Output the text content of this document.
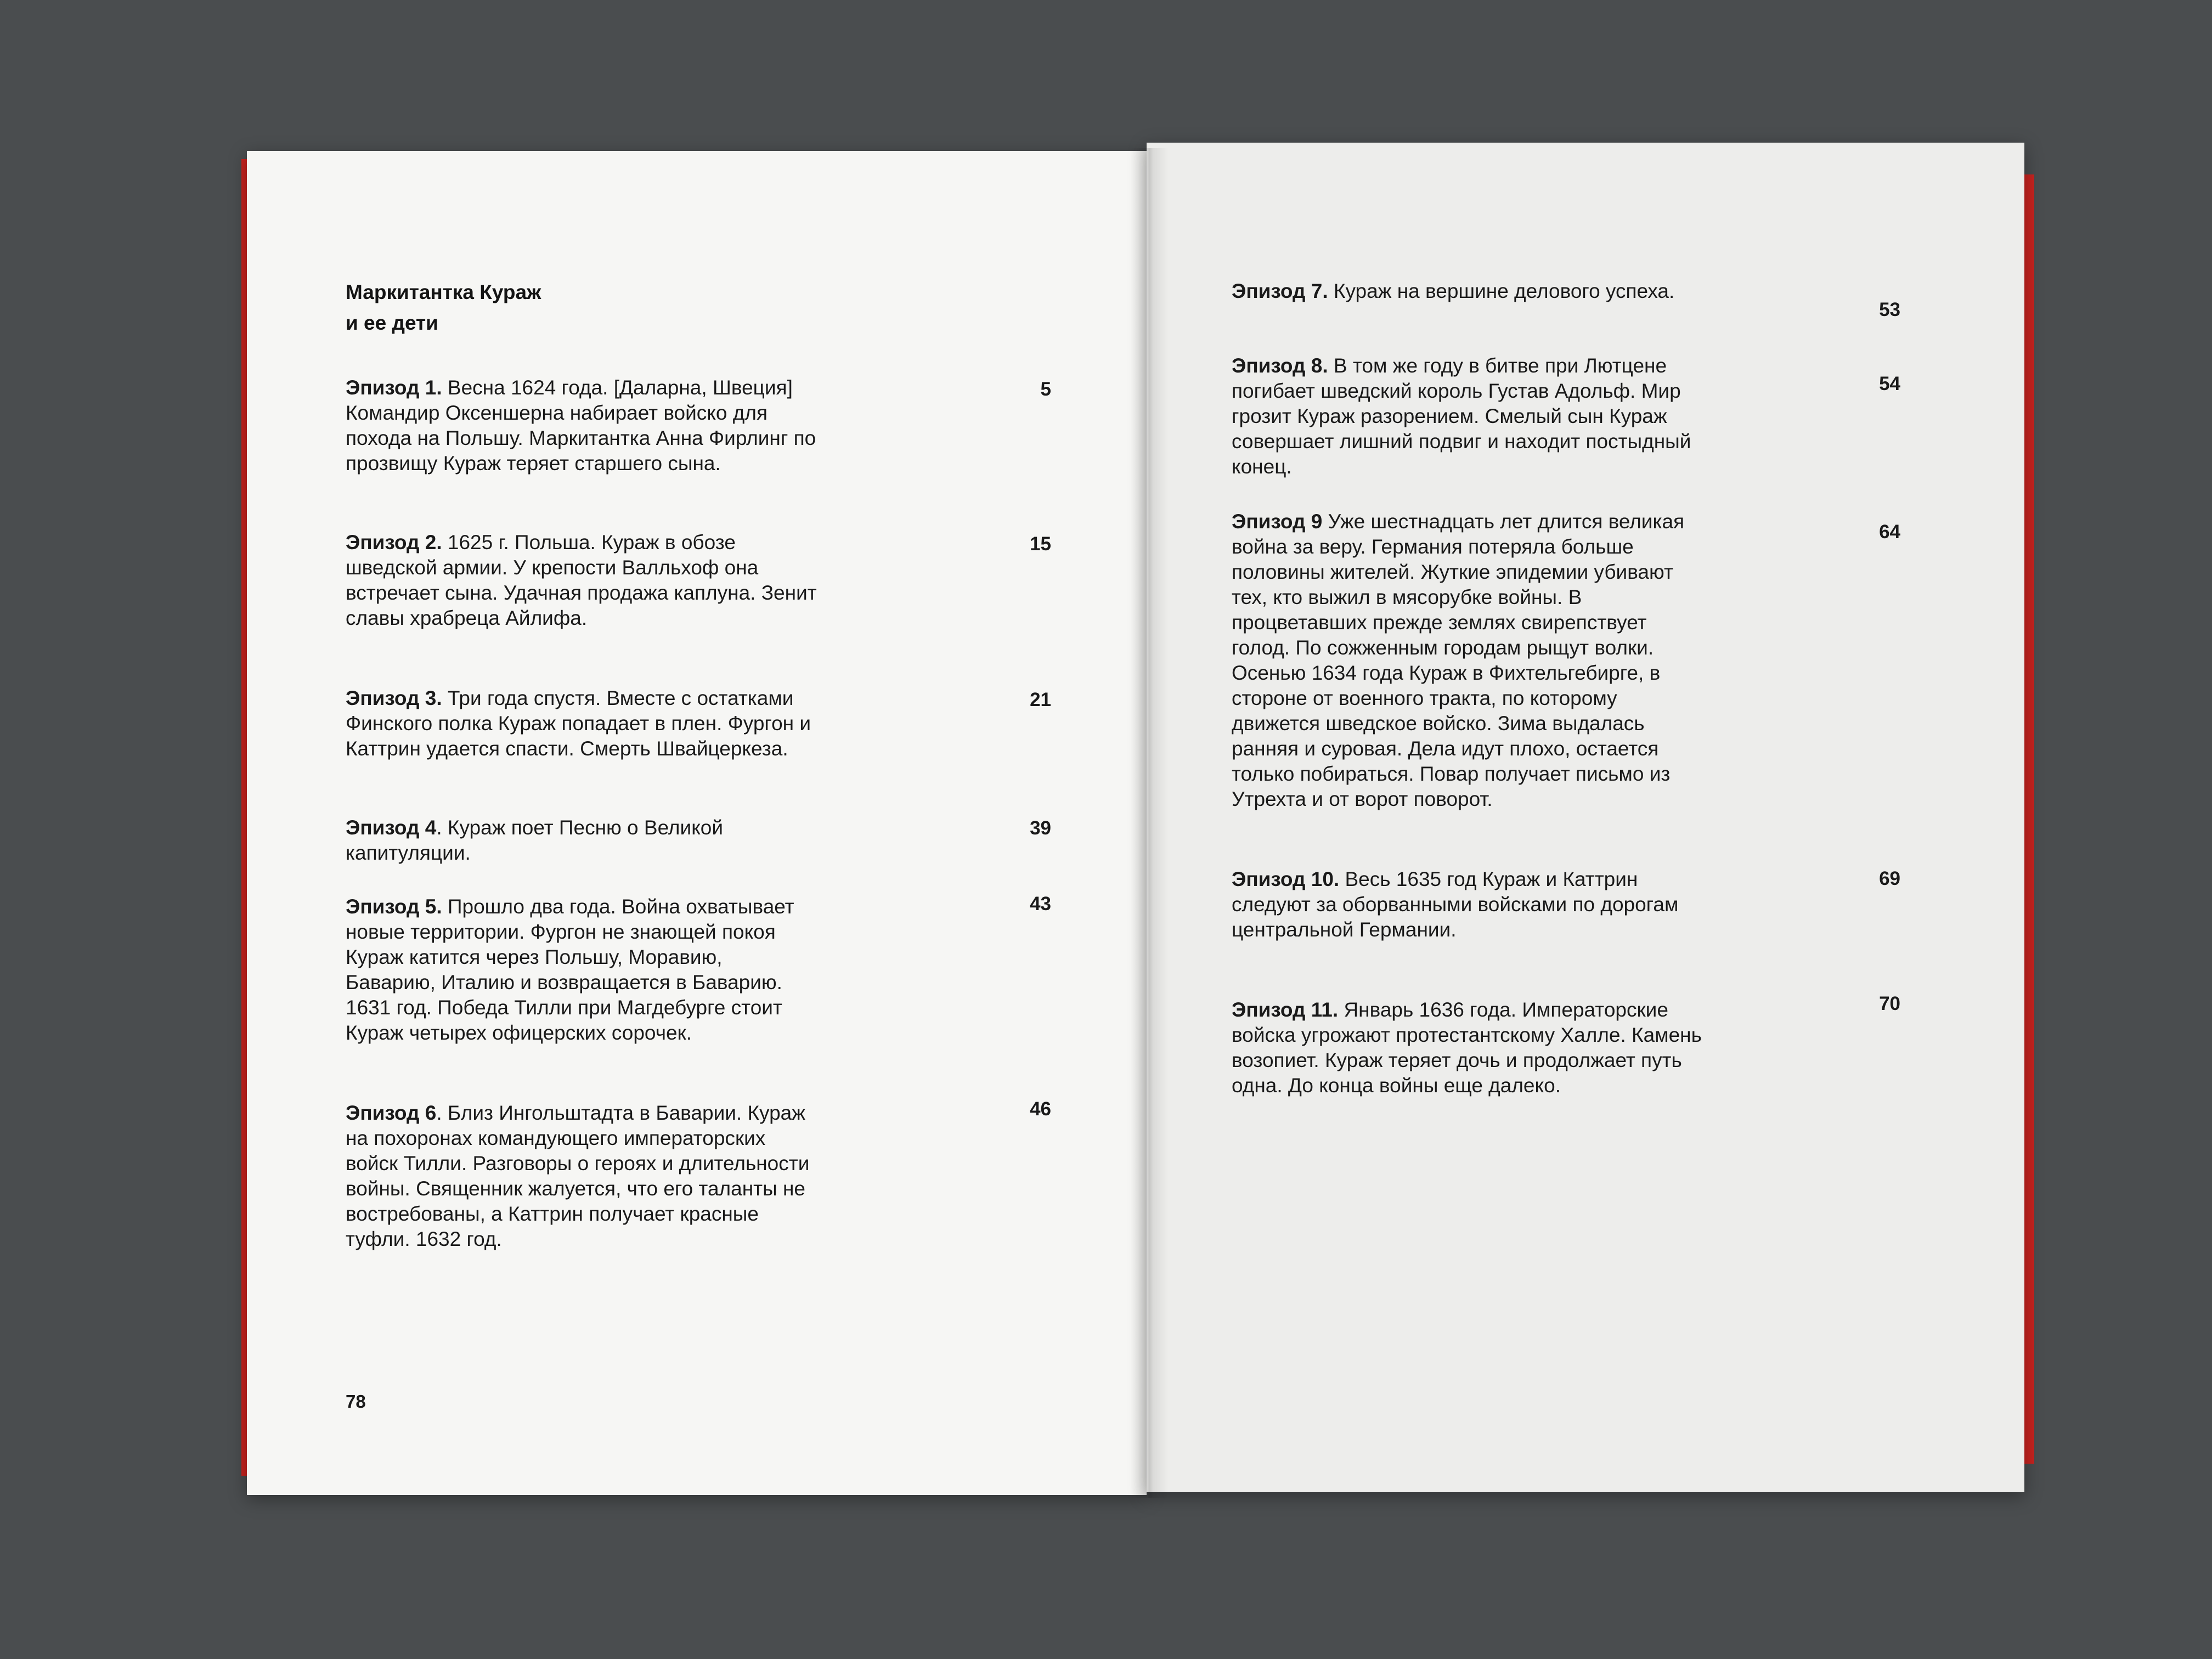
Маркитантка Кураж
и ее дети
Эпизод 1. Весна 1624 года. [Даларна, Швеция] Командир Оксеншерна набирает войско для похода на Польшу. Маркитантка Анна Фирлинг по прозвищу Кураж теряет старшего сына.
5
Эпизод 2. 1625 г. Польша. Кураж в обозе шведской армии. У крепости Валльхоф она встречает сына. Удачная продажа каплуна. Зенит славы храбреца Айлифа.
15
Эпизод 3. Три года спустя. Вместе с остатками Финского полка Кураж попадает в плен. Фургон и Каттрин удается спасти. Смерть Швайцеркеза.
21
Эпизод 4. Кураж поет Песню о Великой капитуляции.
39
Эпизод 5. Прошло два года. Война охватывает новые территории. Фургон не знающей покоя Кураж катится через Польшу, Моравию, Баварию, Италию и возвращается в Баварию. 1631 год. Победа Тилли при Магдебурге стоит Кураж четырех офицерских сорочек.
43
Эпизод 6. Близ Ингольштадта в Баварии. Кураж на похоронах командующего императорских войск Тилли. Разговоры о героях и длительности войны. Священник жалуется, что его таланты не востребованы, а Каттрин получает красные туфли. 1632 год.
46
78
Эпизод 7. Кураж на вершине делового успеха.
53
Эпизод 8. В том же году в битве при Лютцене погибает шведский король Густав Адольф. Мир грозит Кураж разорением. Смелый сын Кураж совершает лишний подвиг и находит постыдный конец.
54
Эпизод 9 Уже шестнадцать лет длится великая война за веру. Германия потеряла больше половины жителей. Жуткие эпидемии убивают тех, кто выжил в мясорубке войны. В процветавших прежде землях свирепствует голод. По сожженным городам рыщут волки. Осенью 1634 года Кураж в Фихтельгебирге, в стороне от военного тракта, по которому движется шведское войско. Зима выдалась ранняя и суровая. Дела идут плохо, остается только побираться. Повар получает письмо из Утрехта и от ворот поворот.
64
Эпизод 10. Весь 1635 год Кураж и Каттрин следуют за оборванными войсками по дорогам центральной Германии.
69
Эпизод 11. Январь 1636 года. Императорские войска угрожают протестантскому Халле. Камень возопиет. Кураж теряет дочь и продолжает путь одна. До конца войны еще далеко.
70
